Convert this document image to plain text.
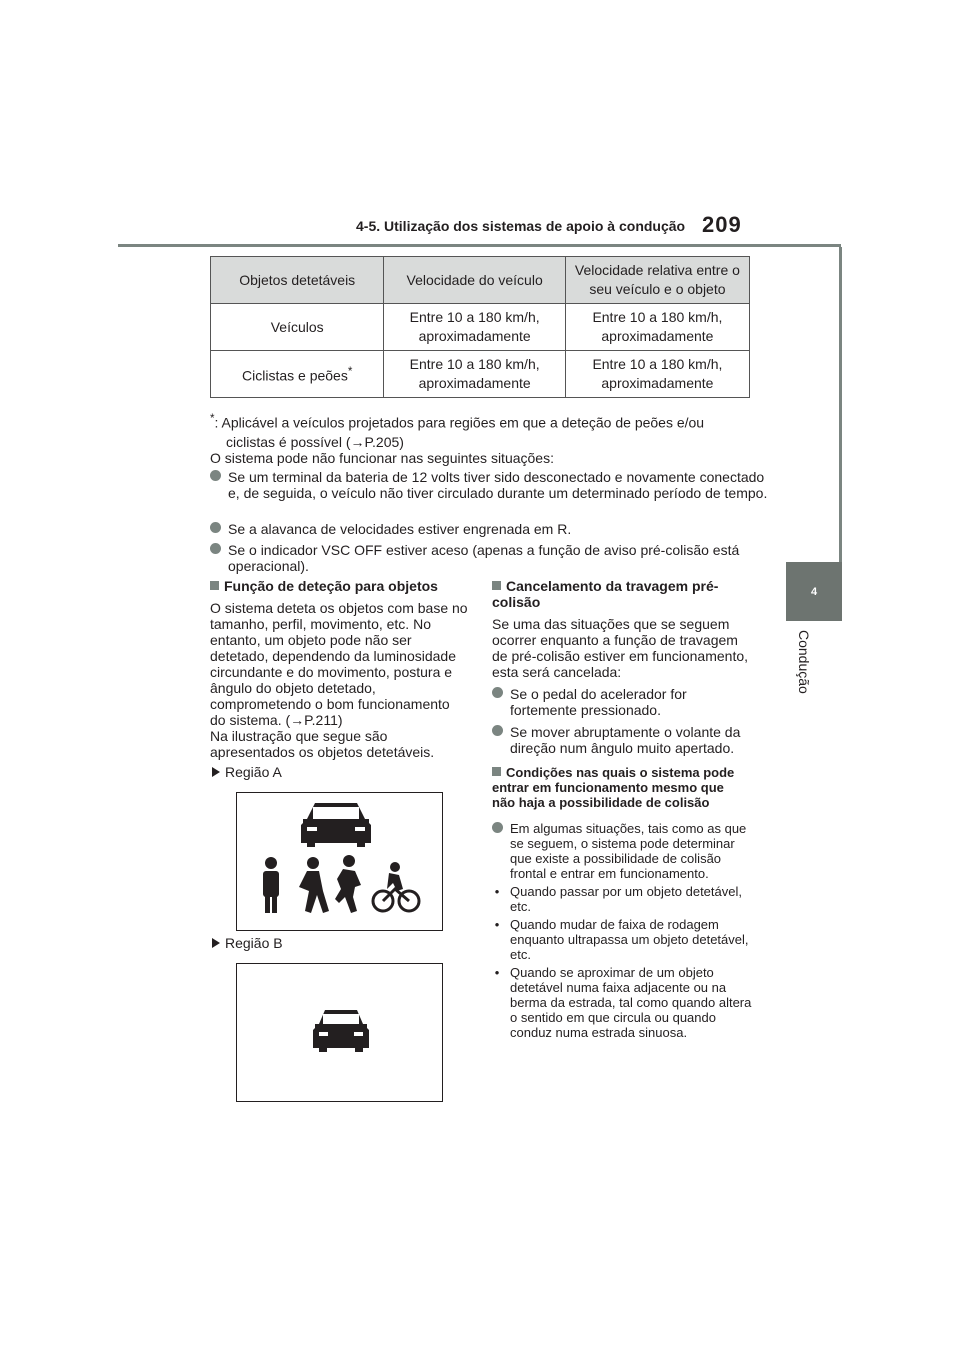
4-5. Utilização dos sistemas de apoio à condução 209
4
Condução
Objetos detetáveis	Velocidade do veículo	Velocidade relativa entre o seu veículo e o objeto
Veículos	Entre 10 a 180 km/h, aproximadamente	Entre 10 a 180 km/h, aproximadamente
Ciclistas e peões*	Entre 10 a 180 km/h, aproximadamente	Entre 10 a 180 km/h, aproximadamente
*: Aplicável a veículos projetados para regiões em que a deteção de peões e/ou
ciclistas é possível (→P.205)
O sistema pode não funcionar nas seguintes situações:
Se um terminal da bateria de 12 volts tiver sido desconectado e novamente conectado e, de seguida, o veículo não tiver circulado durante um determinado período de tempo.
Se a alavanca de velocidades estiver engrenada em R.
Se o indicador VSC OFF estiver aceso (apenas a função de aviso pré-colisão está operacional).
Função de deteção para objetos
O sistema deteta os objetos com base no tamanho, perfil, movimento, etc. No entanto, um objeto pode não ser detetado, dependendo da luminosidade circundante e do movimento, postura e ângulo do objeto detetado, comprometendo o bom funcionamento do sistema. (→P.211)
Na ilustração que segue são apresentados os objetos detetáveis.
Região A
Região B
Cancelamento da travagem pré-colisão
Se uma das situações que se seguem ocorrer enquanto a função de travagem de pré-colisão estiver em funcionamento, esta será cancelada:
Se o pedal do acelerador for fortemente pressionado.
Se mover abruptamente o volante da direção num ângulo muito apertado.
Condições nas quais o sistema pode entrar em funcionamento mesmo que não haja a possibilidade de colisão
Em algumas situações, tais como as que se seguem, o sistema pode determinar que existe a possibilidade de colisão frontal e entrar em funcionamento.
• Quando passar por um objeto detetável, etc.
• Quando mudar de faixa de rodagem enquanto ultrapassa um objeto detetável, etc.
• Quando se aproximar de um objeto detetável numa faixa adjacente ou na berma da estrada, tal como quando altera o sentido em que circula ou quando conduz numa estrada sinuosa.
